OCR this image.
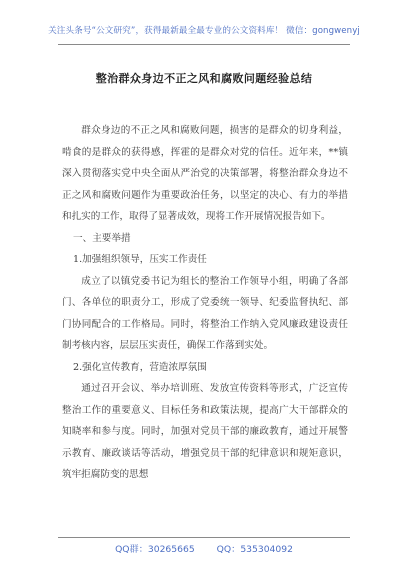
关注头条号“公文研究”，获得最新最全最专业的公文资料库！ 微信：gongwenyj
整治群众身边不正之风和腐败问题经验总结

群众身边的不正之风和腐败问题，损害的是群众的切身利益，啃食的是群众的获得感，挥霍的是群众对党的信任。近年来，**镇深入贯彻落实党中央全面从严治党的决策部署，将整治群众身边不正之风和腐败问题作为重要政治任务，以坚定的决心、有力的举措和扎实的工作，取得了显著成效，现将工作开展情况报告如下。

一、主要举措

1.加强组织领导，压实工作责任

成立了以镇党委书记为组长的整治工作领导小组，明确了各部门、各单位的职责分工，形成了党委统一领导、纪委监督执纪、部门协同配合的工作格局。同时，将整治工作纳入党风廉政建设责任制考核内容，层层压实责任，确保工作落到实处。

2.强化宣传教育，营造浓厚氛围

通过召开会议、举办培训班、发放宣传资料等形式，广泛宣传整治工作的重要意义、目标任务和政策法规，提高广大干部群众的知晓率和参与度。同时，加强对党员干部的廉政教育，通过开展警示教育、廉政谈话等活动，增强党员干部的纪律意识和规矩意识，筑牢拒腐防变的思想

QQ群：30265665 QQ：535304092
